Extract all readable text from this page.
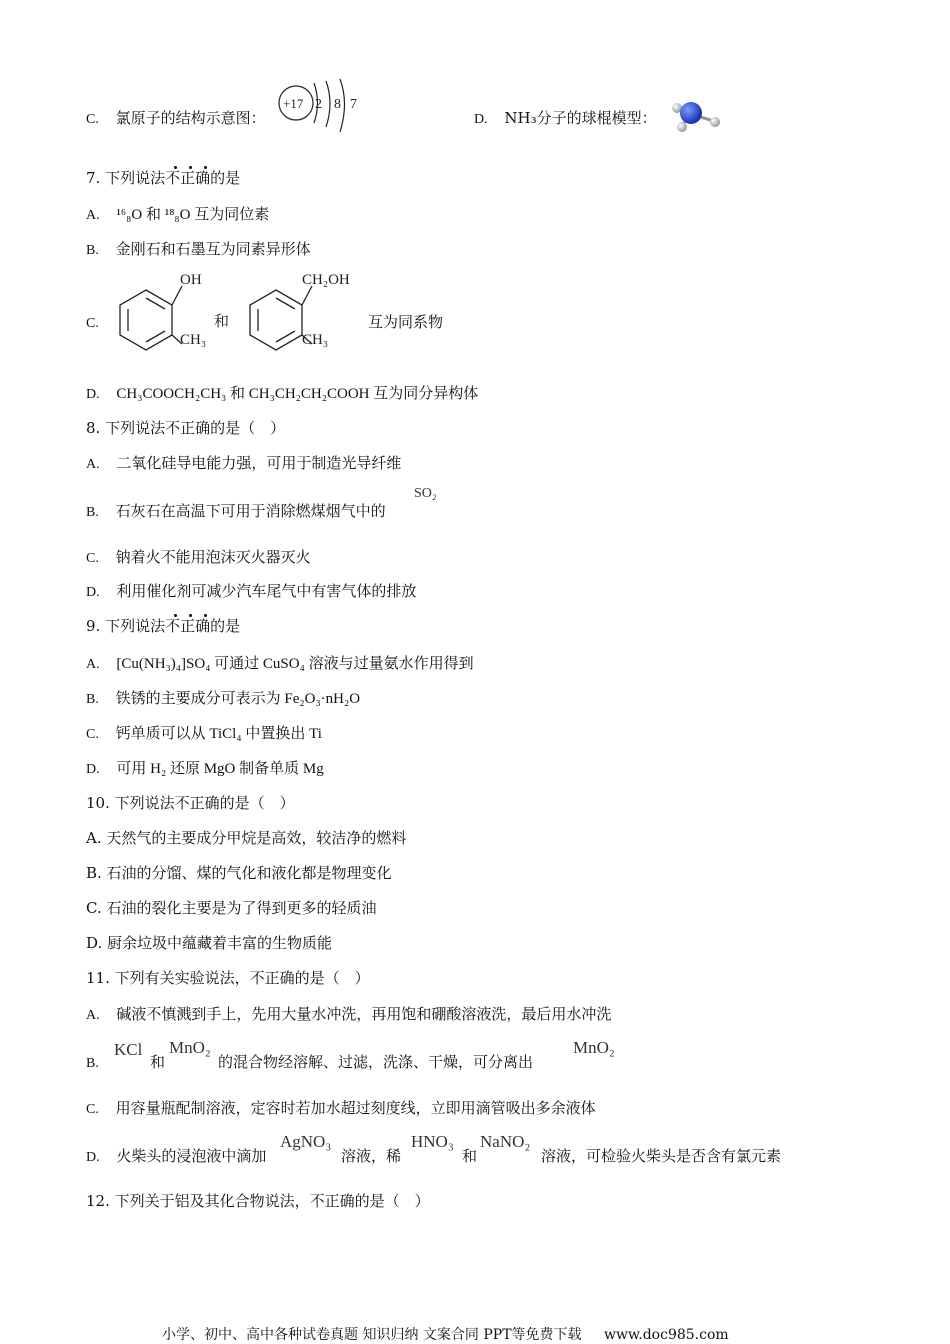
C. 氯原子的结构示意图：
+17 2 8 7
D. NH₃分子的球棍模型：
7. 下列说法不正确的是
A. ¹⁶₈O 和 ¹⁸₈O 互为同位素
B. 金刚石和石墨互为同素异形体
C.
OH
CH₃
和
CH₂OH
CH₃
互为同系物
D. CH₃COOCH₂CH₃ 和 CH₃CH₂CH₂COOH 互为同分异构体
8. 下列说法不正确的是（　）
A. 二氧化硅导电能力强，可用于制造光导纤维
B. 石灰石在高温下可用于消除燃煤烟气中的
SO₂
C. 钠着火不能用泡沫灭火器灭火
D. 利用催化剂可减少汽车尾气中有害气体的排放
9. 下列说法不正确的是
A. [Cu(NH₃)₄]SO₄ 可通过 CuSO₄ 溶液与过量氨水作用得到
B. 铁锈的主要成分可表示为 Fe₂O₃·nH₂O
C. 钙单质可以从 TiCl₄ 中置换出 Ti
D. 可用 H₂ 还原 MgO 制备单质 Mg
10. 下列说法不正确的是（　）
A. 天然气的主要成分甲烷是高效，较洁净的燃料
B. 石油的分馏、煤的气化和液化都是物理变化
C. 石油的裂化主要是为了得到更多的轻质油
D. 厨余垃圾中蕴藏着丰富的生物质能
11. 下列有关实验说法，不正确的是（　）
A. 碱液不慎溅到手上，先用大量水冲洗，再用饱和硼酸溶液洗，最后用水冲洗
B.
KCl
和
MnO₂
的混合物经溶解、过滤，洗涤、干燥，可分离出
MnO₂
C. 用容量瓶配制溶液，定容时若加水超过刻度线，立即用滴管吸出多余液体
D. 火柴头的浸泡液中滴加
AgNO₃
溶液，稀
HNO₃
和
NaNO₂
溶液，可检验火柴头是否含有氯元素
12. 下列关于铝及其化合物说法，不正确的是（　）
小学、初中、高中各种试卷真题 知识归纳 文案合同 PPT等免费下载 www.doc985.com
